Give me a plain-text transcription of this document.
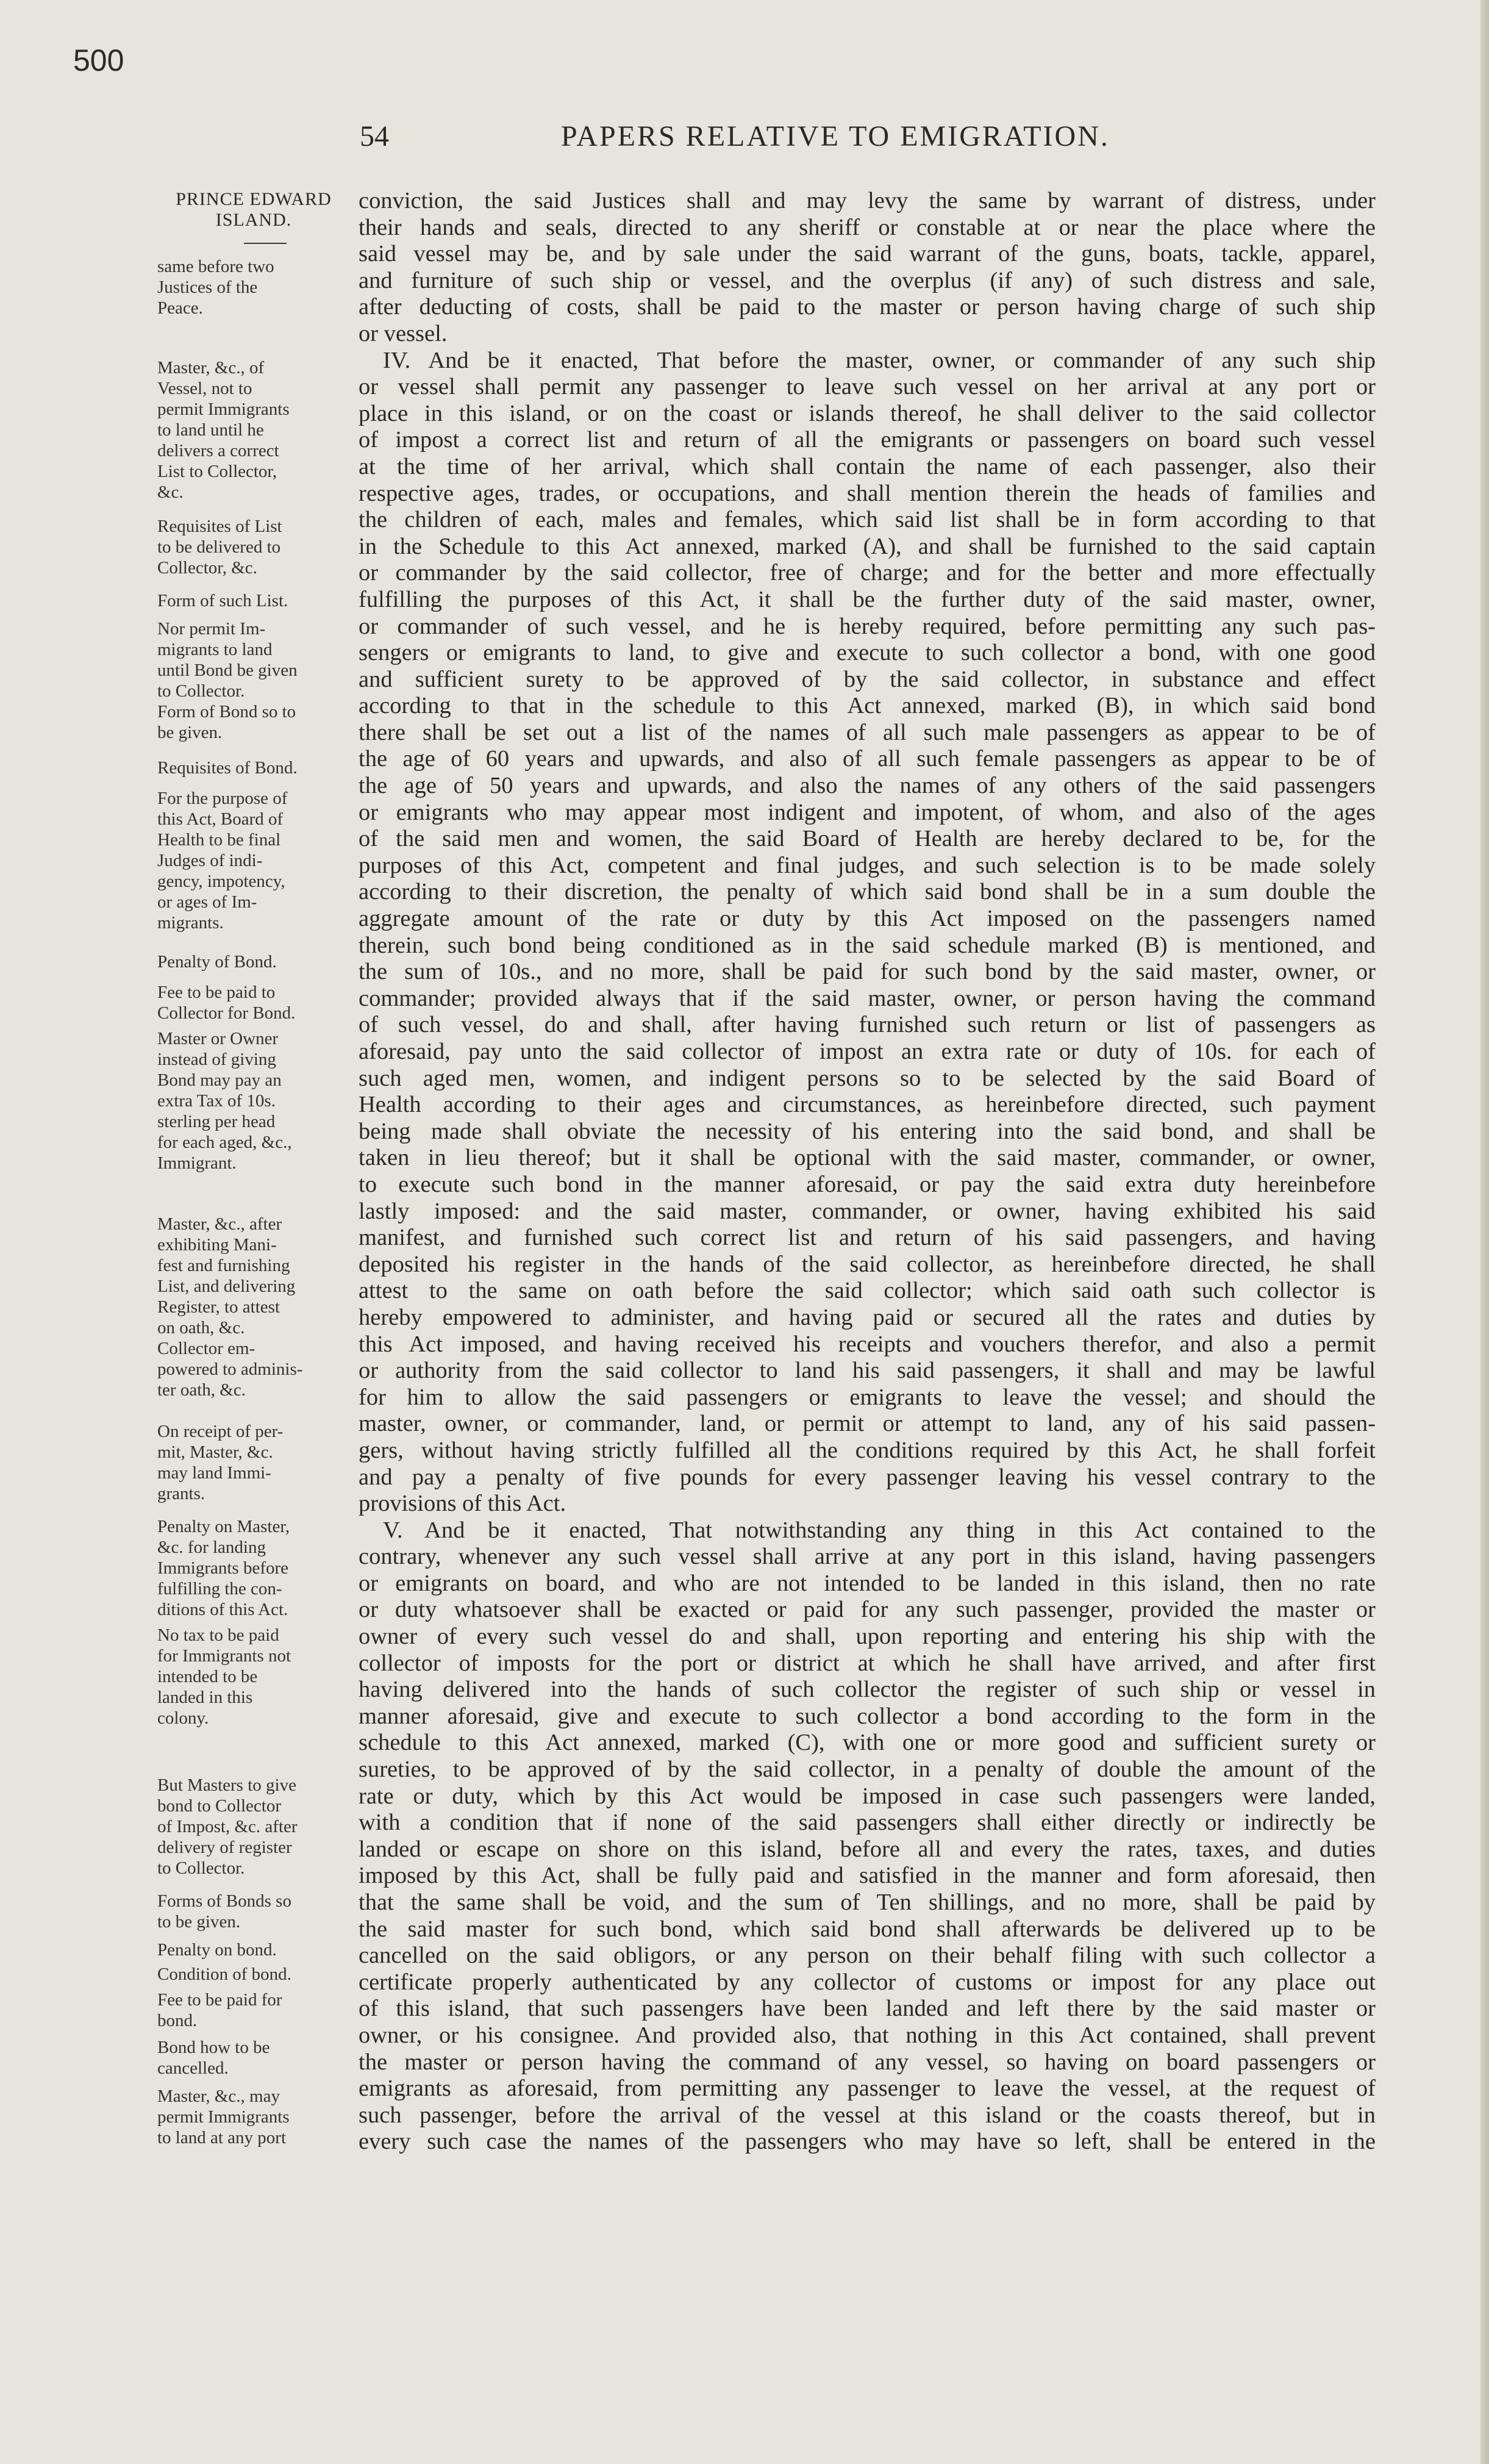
500
54	PAPERS RELATIVE TO EMIGRATION.
PRINCE EDWARD
ISLAND.
same before two
Justices of the
Peace.
Master, &c., of
Vessel, not to
permit Immigrants
to land until he
delivers a correct
List to Collector,
&c.
Requisites of List
to be delivered to
Collector, &c.
Form of such List.
Nor permit Im-
migrants to land
until Bond be given
to Collector.
Form of Bond so to
be given.
Requisites of Bond.
For the purpose of
this Act, Board of
Health to be final
Judges of indi-
gency, impotency,
or ages of Im-
migrants.
Penalty of Bond.
Fee to be paid to
Collector for Bond.
Master or Owner
instead of giving
Bond may pay an
extra Tax of 10s.
sterling per head
for each aged, &c.,
Immigrant.
Master, &c., after
exhibiting Mani-
fest and furnishing
List, and delivering
Register, to attest
on oath, &c.
Collector em-
powered to adminis-
ter oath, &c.
On receipt of per-
mit, Master, &c.
may land Immi-
grants.
Penalty on Master,
&c. for landing
Immigrants before
fulfilling the con-
ditions of this Act.
No tax to be paid
for Immigrants not
intended to be
landed in this
colony.
But Masters to give
bond to Collector
of Impost, &c. after
delivery of register
to Collector.
Forms of Bonds so
to be given.
Penalty on bond.
Condition of bond.
Fee to be paid for
bond.
Bond how to be
cancelled.
Master, &c., may
permit Immigrants
to land at any port
conviction, the said Justices shall and may levy the same by warrant of distress, under
their hands and seals, directed to any sheriff or constable at or near the place where the
said vessel may be, and by sale under the said warrant of the guns, boats, tackle, apparel,
and furniture of such ship or vessel, and the overplus (if any) of such distress and sale,
after deducting of costs, shall be paid to the master or person having charge of such ship
or vessel.
IV. And be it enacted, That before the master, owner, or commander of any such ship
or vessel shall permit any passenger to leave such vessel on her arrival at any port or
place in this island, or on the coast or islands thereof, he shall deliver to the said collector
of impost a correct list and return of all the emigrants or passengers on board such vessel
at the time of her arrival, which shall contain the name of each passenger, also their
respective ages, trades, or occupations, and shall mention therein the heads of families and
the children of each, males and females, which said list shall be in form according to that
in the Schedule to this Act annexed, marked (A), and shall be furnished to the said captain
or commander by the said collector, free of charge; and for the better and more effectually
fulfilling the purposes of this Act, it shall be the further duty of the said master, owner,
or commander of such vessel, and he is hereby required, before permitting any such pas-
sengers or emigrants to land, to give and execute to such collector a bond, with one good
and sufficient surety to be approved of by the said collector, in substance and effect
according to that in the schedule to this Act annexed, marked (B), in which said bond
there shall be set out a list of the names of all such male passengers as appear to be of
the age of 60 years and upwards, and also of all such female passengers as appear to be of
the age of 50 years and upwards, and also the names of any others of the said passengers
or emigrants who may appear most indigent and impotent, of whom, and also of the ages
of the said men and women, the said Board of Health are hereby declared to be, for the
purposes of this Act, competent and final judges, and such selection is to be made solely
according to their discretion, the penalty of which said bond shall be in a sum double the
aggregate amount of the rate or duty by this Act imposed on the passengers named
therein, such bond being conditioned as in the said schedule marked (B) is mentioned, and
the sum of 10s., and no more, shall be paid for such bond by the said master, owner, or
commander; provided always that if the said master, owner, or person having the command
of such vessel, do and shall, after having furnished such return or list of passengers as
aforesaid, pay unto the said collector of impost an extra rate or duty of 10s. for each of
such aged men, women, and indigent persons so to be selected by the said Board of
Health according to their ages and circumstances, as hereinbefore directed, such payment
being made shall obviate the necessity of his entering into the said bond, and shall be
taken in lieu thereof; but it shall be optional with the said master, commander, or owner,
to execute such bond in the manner aforesaid, or pay the said extra duty hereinbefore
lastly imposed: and the said master, commander, or owner, having exhibited his said
manifest, and furnished such correct list and return of his said passengers, and having
deposited his register in the hands of the said collector, as hereinbefore directed, he shall
attest to the same on oath before the said collector; which said oath such collector is
hereby empowered to administer, and having paid or secured all the rates and duties by
this Act imposed, and having received his receipts and vouchers therefor, and also a permit
or authority from the said collector to land his said passengers, it shall and may be lawful
for him to allow the said passengers or emigrants to leave the vessel; and should the
master, owner, or commander, land, or permit or attempt to land, any of his said passen-
gers, without having strictly fulfilled all the conditions required by this Act, he shall forfeit
and pay a penalty of five pounds for every passenger leaving his vessel contrary to the
provisions of this Act.
V. And be it enacted, That notwithstanding any thing in this Act contained to the
contrary, whenever any such vessel shall arrive at any port in this island, having passengers
or emigrants on board, and who are not intended to be landed in this island, then no rate
or duty whatsoever shall be exacted or paid for any such passenger, provided the master or
owner of every such vessel do and shall, upon reporting and entering his ship with the
collector of imposts for the port or district at which he shall have arrived, and after first
having delivered into the hands of such collector the register of such ship or vessel in
manner aforesaid, give and execute to such collector a bond according to the form in the
schedule to this Act annexed, marked (C), with one or more good and sufficient surety or
sureties, to be approved of by the said collector, in a penalty of double the amount of the
rate or duty, which by this Act would be imposed in case such passengers were landed,
with a condition that if none of the said passengers shall either directly or indirectly be
landed or escape on shore on this island, before all and every the rates, taxes, and duties
imposed by this Act, shall be fully paid and satisfied in the manner and form aforesaid, then
that the same shall be void, and the sum of Ten shillings, and no more, shall be paid by
the said master for such bond, which said bond shall afterwards be delivered up to be
cancelled on the said obligors, or any person on their behalf filing with such collector a
certificate properly authenticated by any collector of customs or impost for any place out
of this island, that such passengers have been landed and left there by the said master or
owner, or his consignee. And provided also, that nothing in this Act contained, shall prevent
the master or person having the command of any vessel, so having on board passengers or
emigrants as aforesaid, from permitting any passenger to leave the vessel, at the request of
such passenger, before the arrival of the vessel at this island or the coasts thereof, but in
every such case the names of the passengers who may have so left, shall be entered in the
